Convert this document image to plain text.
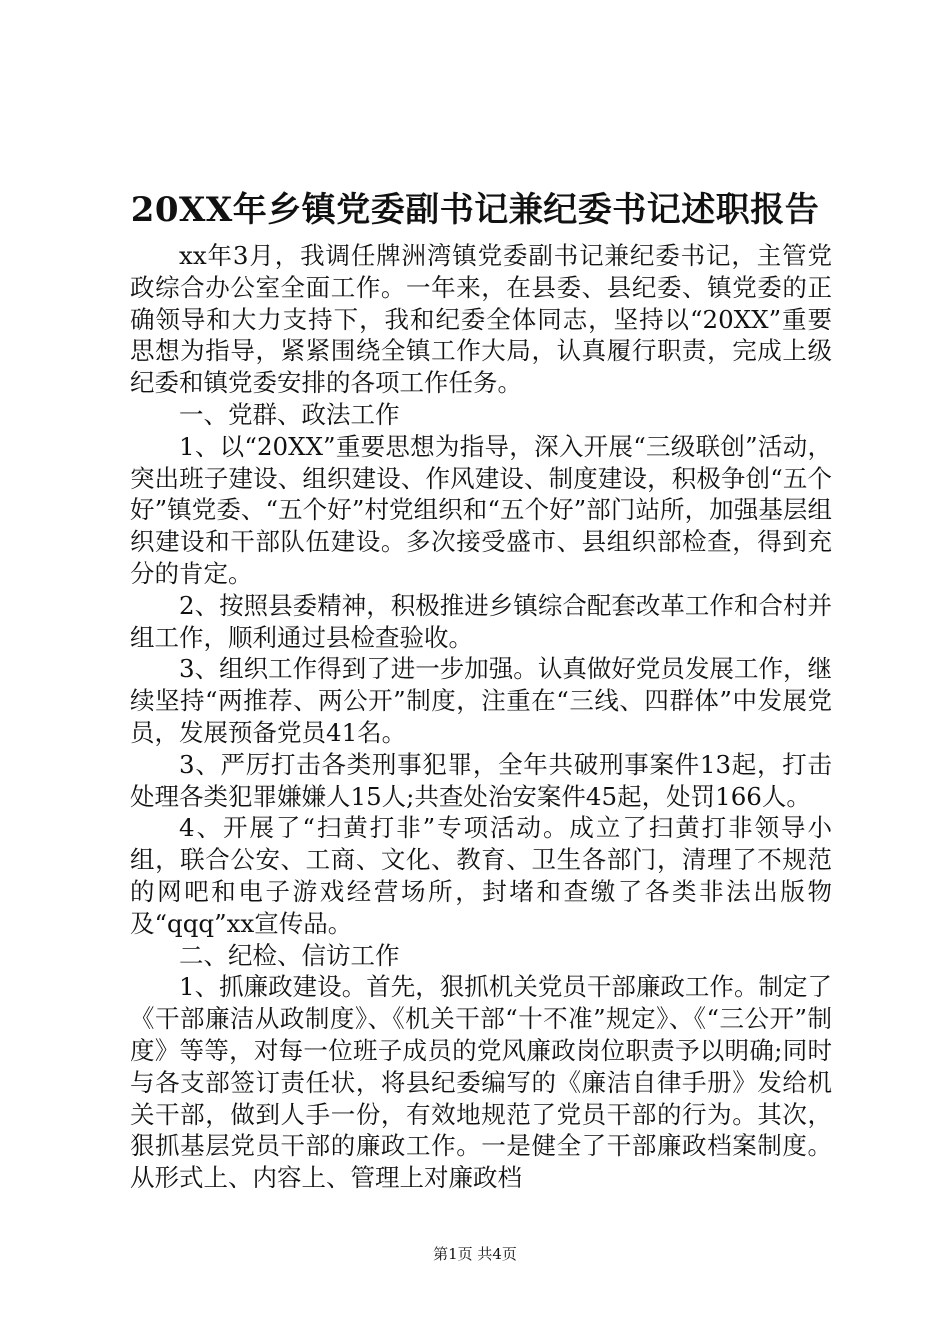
20XX年乡镇党委副书记兼纪委书记述职报告

xx年3月，我调任牌洲湾镇党委副书记兼纪委书记，主管党政综合办公室全面工作。一年来，在县委、县纪委、镇党委的正确领导和大力支持下，我和纪委全体同志，坚持以“20XX”重要思想为指导，紧紧围绕全镇工作大局，认真履行职责，完成上级纪委和镇党委安排的各项工作任务。

一、党群、政法工作

1、以“20XX”重要思想为指导，深入开展“三级联创”活动，突出班子建设、组织建设、作风建设、制度建设，积极争创“五个好”镇党委、“五个好”村党组织和“五个好”部门站所，加强基层组织建设和干部队伍建设。多次接受盛市、县组织部检查，得到充分的肯定。

2、按照县委精神，积极推进乡镇综合配套改革工作和合村并组工作，顺利通过县检查验收。

3、组织工作得到了进一步加强。认真做好党员发展工作，继续坚持“两推荐、两公开”制度，注重在“三线、四群体”中发展党员，发展预备党员41名。

3、严厉打击各类刑事犯罪，全年共破刑事案件13起，打击处理各类犯罪嫌嫌人15人;共查处治安案件45起，处罚166人。

4、开展了“扫黄打非”专项活动。成立了扫黄打非领导小组，联合公安、工商、文化、教育、卫生各部门，清理了不规范的网吧和电子游戏经营场所，封堵和查缴了各类非法出版物及“qqq”xx宣传品。

二、纪检、信访工作

1、抓廉政建设。首先，狠抓机关党员干部廉政工作。制定了《干部廉洁从政制度》、《机关干部“十不准”规定》、《“三公开”制度》等等，对每一位班子成员的党风廉政岗位职责予以明确;同时与各支部签订责任状，将县纪委编写的《廉洁自律手册》发给机关干部，做到人手一份，有效地规范了党员干部的行为。其次，狠抓基层党员干部的廉政工作。一是健全了干部廉政档案制度。从形式上、内容上、管理上对廉政档

第1页 共4页
